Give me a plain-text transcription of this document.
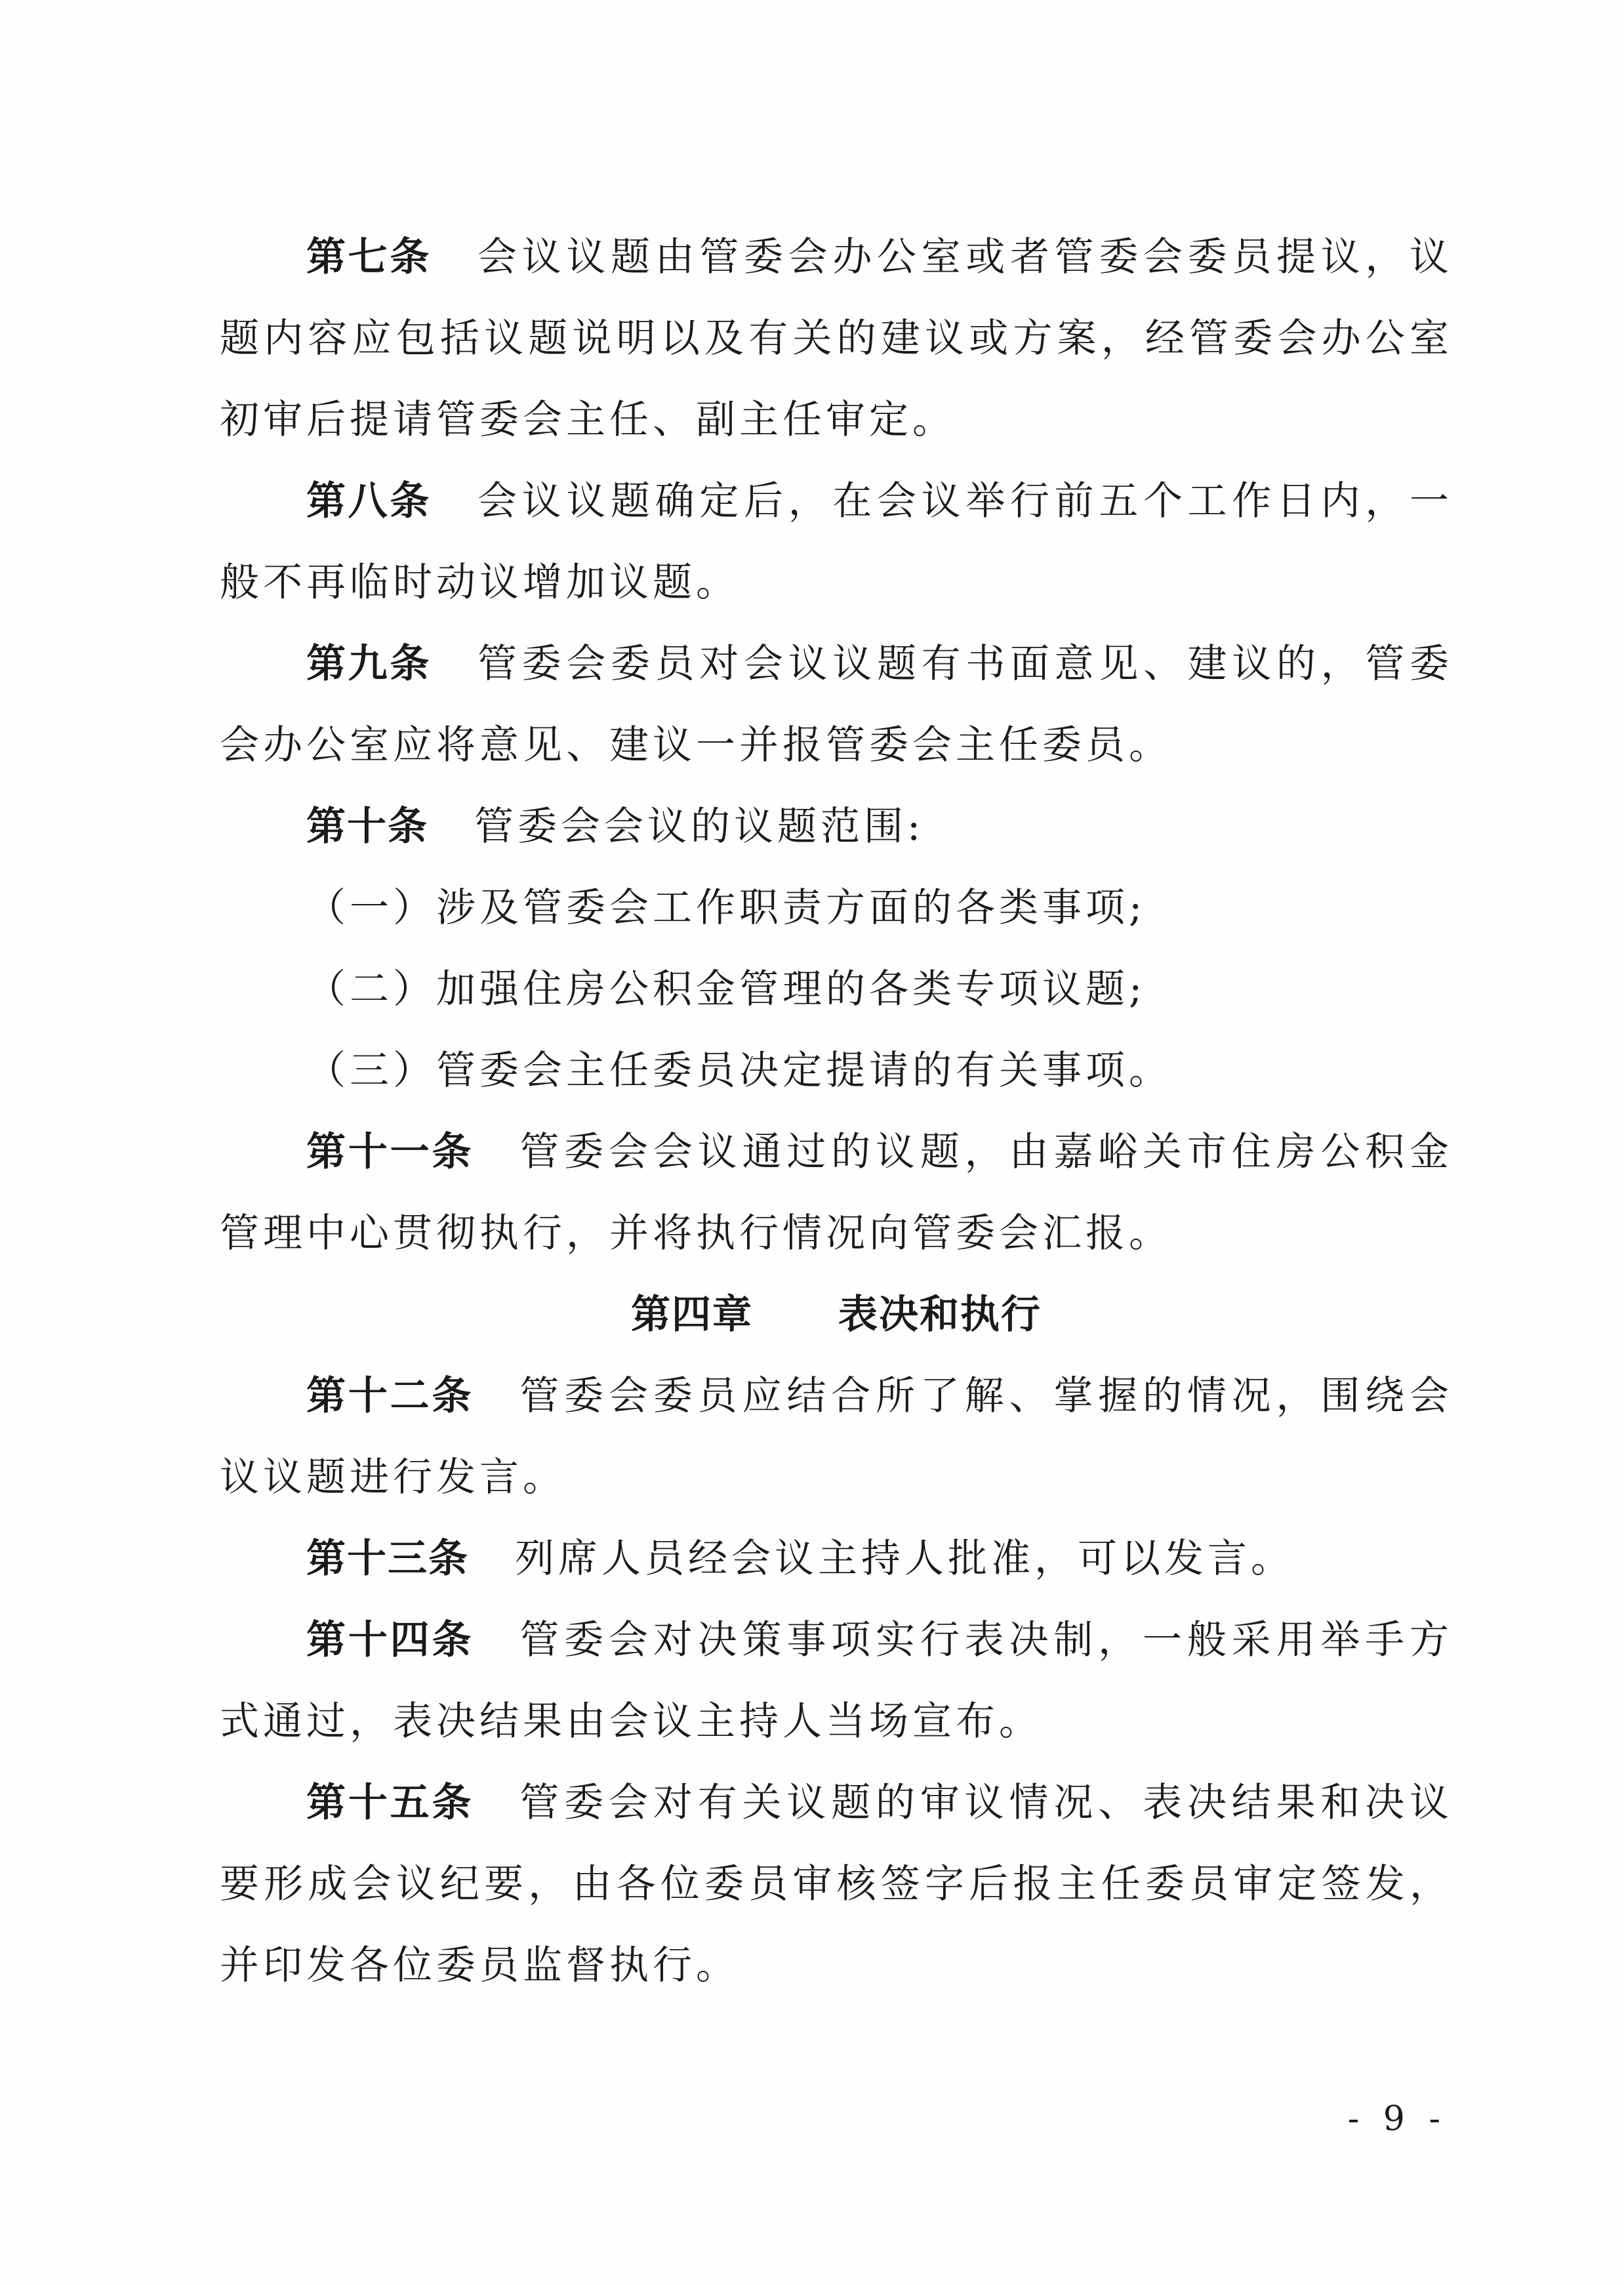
第七条 会议议题由管委会办公室或者管委会委员提议，议题内容应包括议题说明以及有关的建议或方案，经管委会办公室初审后提请管委会主任、副主任审定。

第八条 会议议题确定后，在会议举行前五个工作日内，一般不再临时动议增加议题。

第九条 管委会委员对会议议题有书面意见、建议的，管委会办公室应将意见、建议一并报管委会主任委员。

第十条 管委会会议的议题范围:

（一）涉及管委会工作职责方面的各类事项;

（二）加强住房公积金管理的各类专项议题;

（三）管委会主任委员决定提请的有关事项。

第十一条 管委会会议通过的议题，由嘉峪关市住房公积金管理中心贯彻执行，并将执行情况向管委会汇报。

第四章 表决和执行

第十二条 管委会委员应结合所了解、掌握的情况，围绕会议议题进行发言。

第十三条 列席人员经会议主持人批准，可以发言。

第十四条 管委会对决策事项实行表决制，一般采用举手方式通过，表决结果由会议主持人当场宣布。

第十五条 管委会对有关议题的审议情况、表决结果和决议要形成会议纪要，由各位委员审核签字后报主任委员审定签发，并印发各位委员监督执行。

- 9 -
